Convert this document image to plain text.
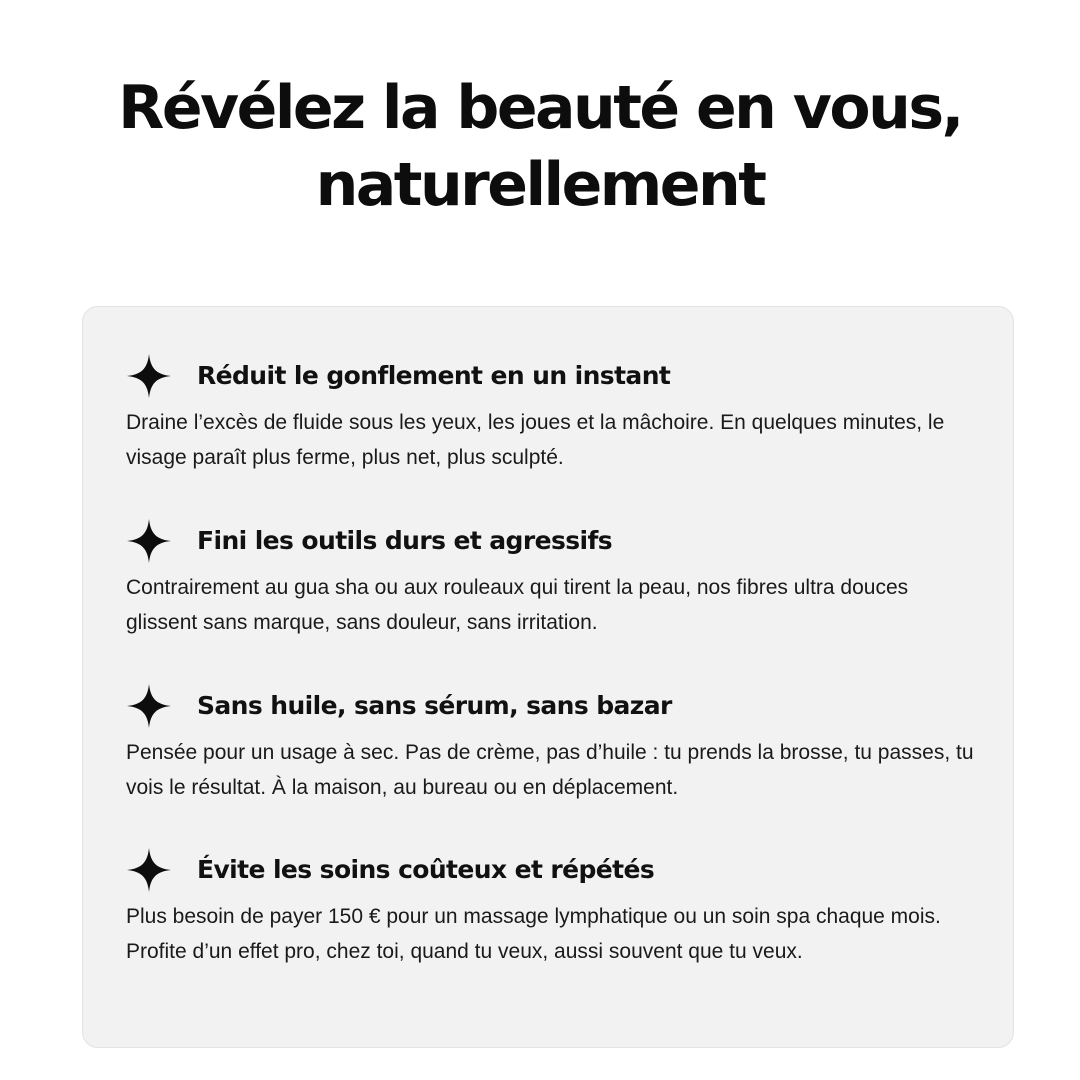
Révélez la beauté en vous,
naturellement
Réduit le gonflement en un instant

Draine l’excès de fluide sous les yeux, les joues et la mâchoire. En quelques minutes, le visage paraît plus ferme, plus net, plus sculpté.

Fini les outils durs et agressifs

Contrairement au gua sha ou aux rouleaux qui tirent la peau, nos fibres ultra douces glissent sans marque, sans douleur, sans irritation.

Sans huile, sans sérum, sans bazar

Pensée pour un usage à sec. Pas de crème, pas d’huile : tu prends la brosse, tu passes, tu vois le résultat. À la maison, au bureau ou en déplacement.

Évite les soins coûteux et répétés

Plus besoin de payer 150 € pour un massage lymphatique ou un soin spa chaque mois. Profite d’un effet pro, chez toi, quand tu veux, aussi souvent que tu veux.
